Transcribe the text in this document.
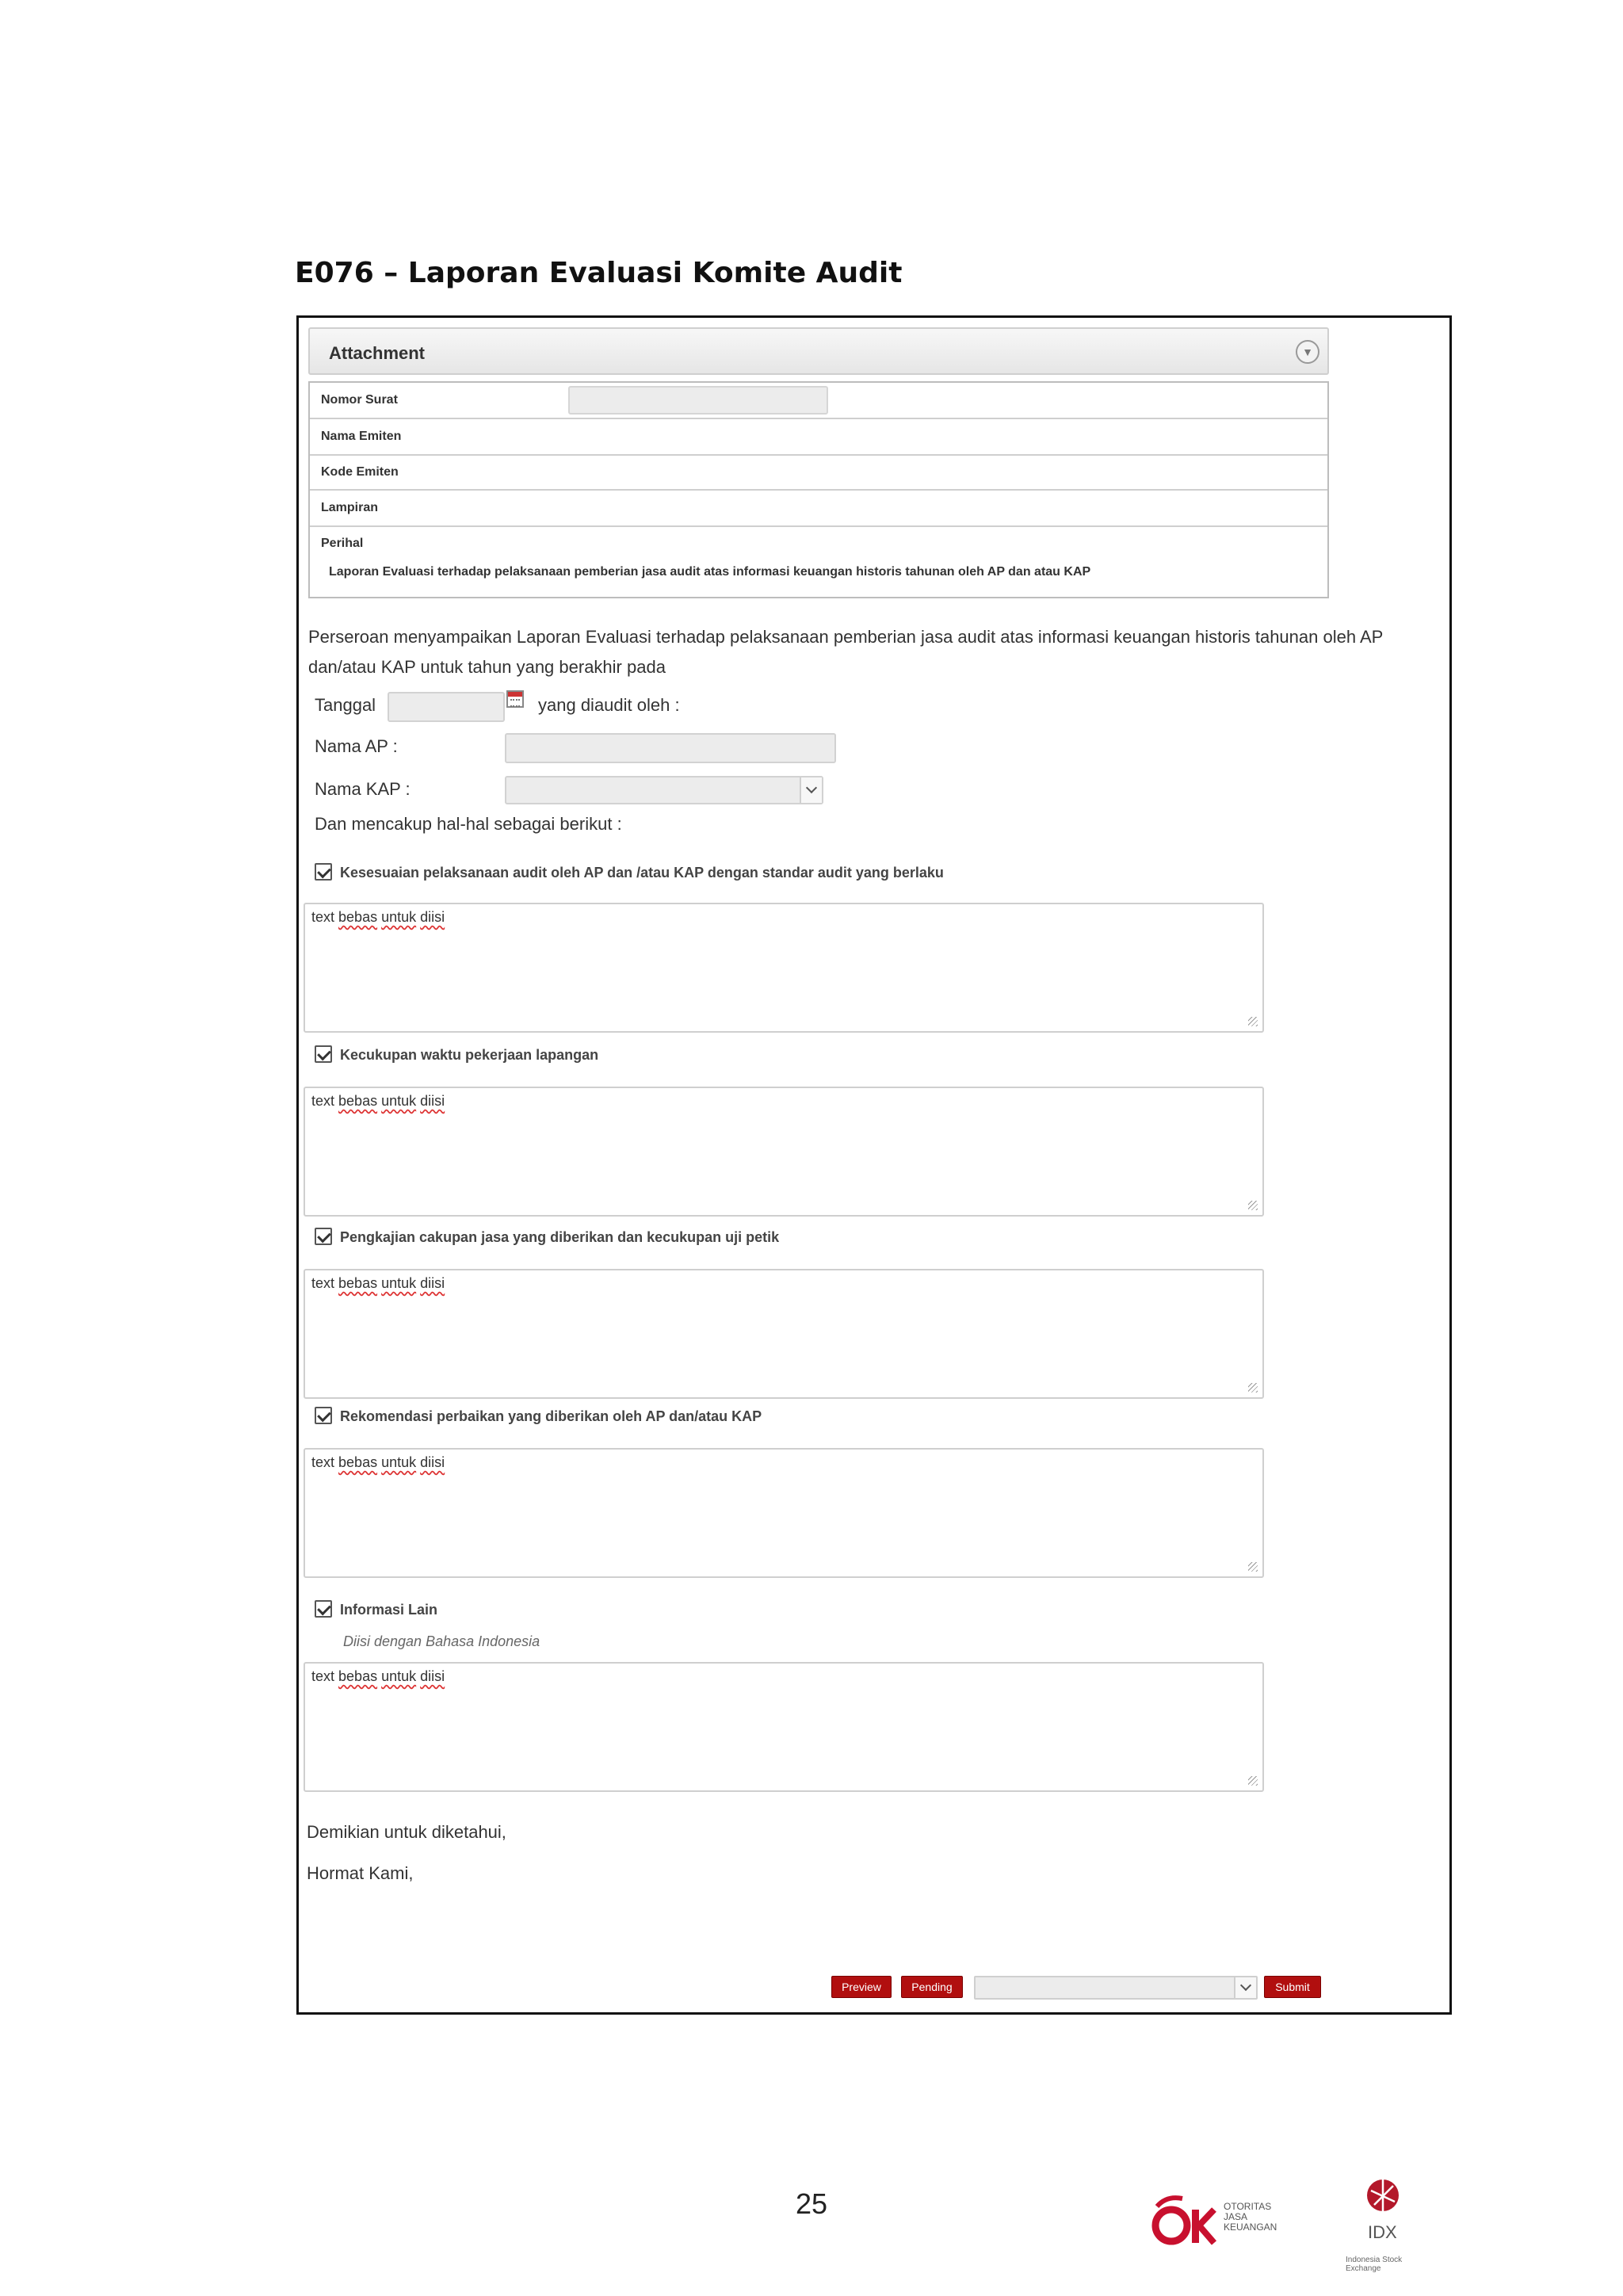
E076 – Laporan Evaluasi Komite Audit
Attachment	▼
Nomor Surat
Nama Emiten
Kode Emiten
Lampiran
Perihal
Laporan Evaluasi terhadap pelaksanaan pemberian jasa audit atas informasi keuangan historis tahunan oleh AP dan atau KAP
Perseroan menyampaikan Laporan Evaluasi terhadap pelaksanaan pemberian jasa audit atas informasi keuangan historis tahunan oleh AP dan/atau KAP untuk tahun yang berakhir pada
Tanggal	yang diaudit oleh :
Nama AP :
Nama KAP :
Dan mencakup hal-hal sebagai berikut :
Kesesuaian pelaksanaan audit oleh AP dan /atau KAP dengan standar audit yang berlaku
text bebas untuk diisi
Kecukupan waktu pekerjaan lapangan
text bebas untuk diisi
Pengkajian cakupan jasa yang diberikan dan kecukupan uji petik
text bebas untuk diisi
Rekomendasi perbaikan yang diberikan oleh AP dan/atau KAP
text bebas untuk diisi
Informasi Lain
Diisi dengan Bahasa Indonesia
text bebas untuk diisi
Demikian untuk diketahui,
Hormat Kami,
Preview	Pending	Submit
25	OTORITAS
JASA
KEUANGAN	IDX
Indonesia Stock Exchange
